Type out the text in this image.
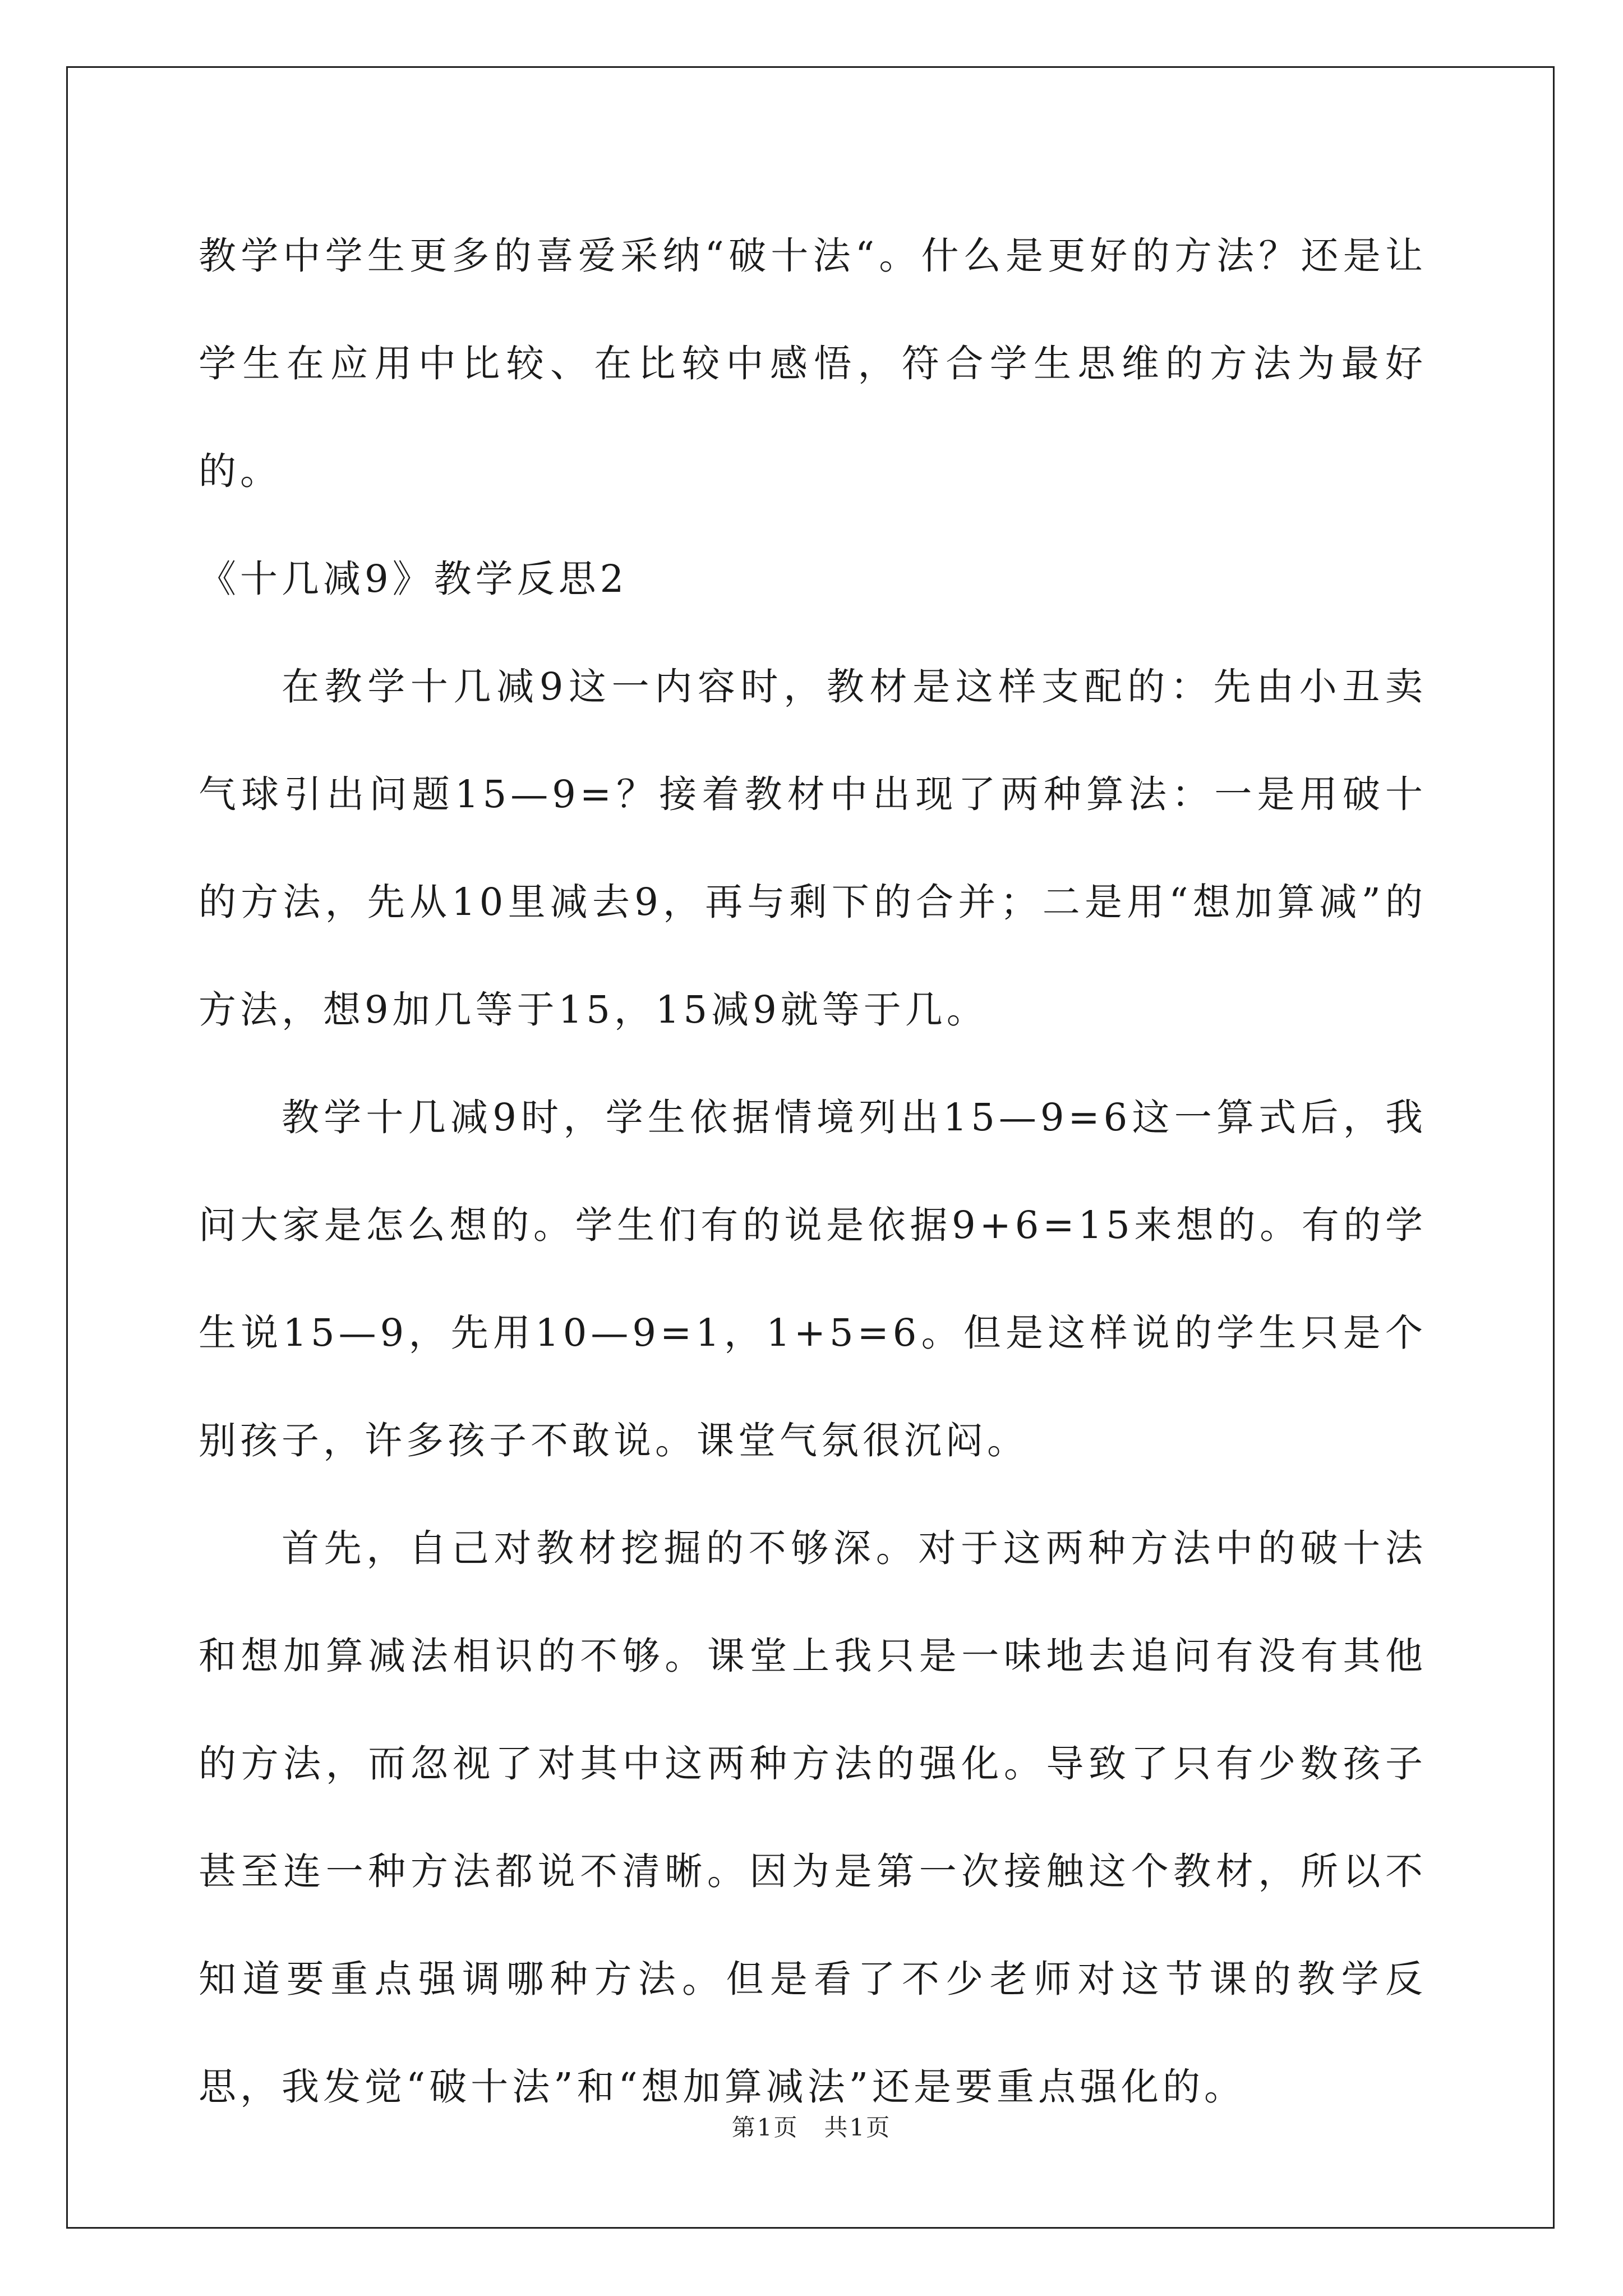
教学中学生更多的喜爱采纳“破十法“。什么是更好的方法？还是让学生在应用中比较、在比较中感悟，符合学生思维的方法为最好的。

《十几减9》教学反思2

在教学十几减9这一内容时，教材是这样支配的：先由小丑卖气球引出问题15—9=？接着教材中出现了两种算法：一是用破十的方法，先从10里减去9，再与剩下的合并；二是用“想加算减”的方法，想9加几等于15，15减9就等于几。

教学十几减9时，学生依据情境列出15—9=6这一算式后，我问大家是怎么想的。学生们有的说是依据9+6=15来想的。有的学生说15—9，先用10—9=1，1+5=6。但是这样说的学生只是个别孩子，许多孩子不敢说。课堂气氛很沉闷。

首先，自己对教材挖掘的不够深。对于这两种方法中的破十法和想加算减法相识的不够。课堂上我只是一味地去追问有没有其他的方法，而忽视了对其中这两种方法的强化。导致了只有少数孩子甚至连一种方法都说不清晰。因为是第一次接触这个教材，所以不知道要重点强调哪种方法。但是看了不少老师对这节课的教学反思，我发觉“破十法”和“想加算减法”还是要重点强化的。

第1页　共1页
